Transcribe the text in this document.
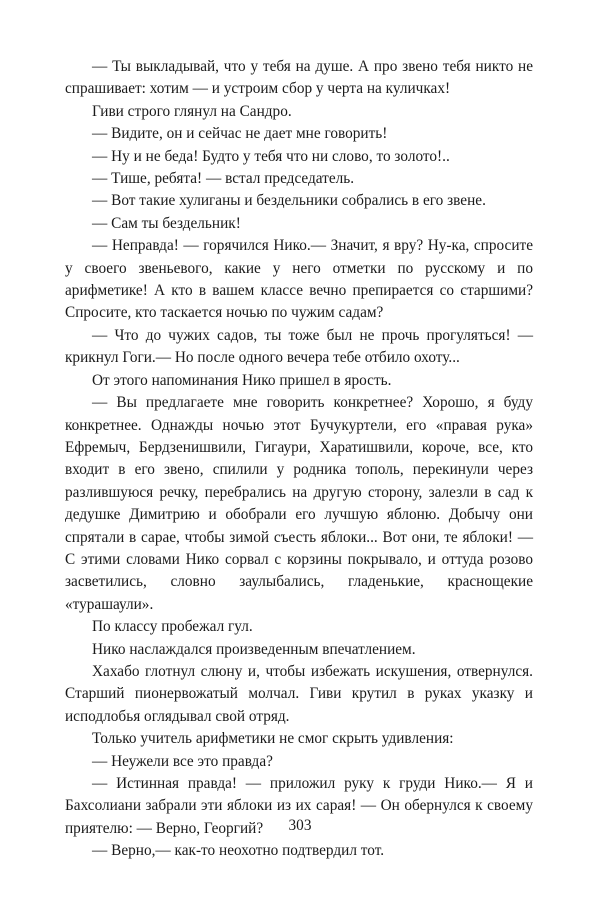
— Ты выкладывай, что у тебя на душе. А про звено тебя никто не спрашивает: хотим — и устроим сбор у черта на куличках!

Гиви строго глянул на Сандро.

— Видите, он и сейчас не дает мне говорить!

— Ну и не беда! Будто у тебя что ни слово, то золото!..

— Тише, ребята! — встал председатель.

— Вот такие хулиганы и бездельники собрались в его звене.

— Сам ты бездельник!

— Неправда! — горячился Нико.— Значит, я вру? Ну-ка, спросите у своего звеньевого, какие у него отметки по русскому и по арифметике! А кто в вашем классе вечно препирается со старшими? Спросите, кто таскается ночью по чужим садам?

— Что до чужих садов, ты тоже был не прочь прогуляться! — крикнул Гоги.— Но после одного вечера тебе отбило охоту...

От этого напоминания Нико пришел в ярость.

— Вы предлагаете мне говорить конкретнее? Хорошо, я буду конкретнее. Однажды ночью этот Бучукуртели, его «правая рука» Ефремыч, Бердзенишвили, Гигаури, Харатишвили, короче, все, кто входит в его звено, спилили у родника тополь, перекинули через разлившуюся речку, перебрались на другую сторону, залезли в сад к дедушке Димитрию и обобрали его лучшую яблоню. Добычу они спрятали в сарае, чтобы зимой съесть яблоки... Вот они, те яблоки! — С этими словами Нико сорвал с корзины покрывало, и оттуда розово засветились, словно заулыбались, гладенькие, краснощекие «турашаули».

По классу пробежал гул.

Нико наслаждался произведенным впечатлением.

Хахабо глотнул слюну и, чтобы избежать искушения, отвернулся. Старший пионервожатый молчал. Гиви крутил в руках указку и исподлобья оглядывал свой отряд.

Только учитель арифметики не смог скрыть удивления:

— Неужели все это правда?

— Истинная правда! — приложил руку к груди Нико.— Я и Бахсолиани забрали эти яблоки из их сарая! — Он обернулся к своему приятелю: — Верно, Георгий?

— Верно,— как-то неохотно подтвердил тот.

303
